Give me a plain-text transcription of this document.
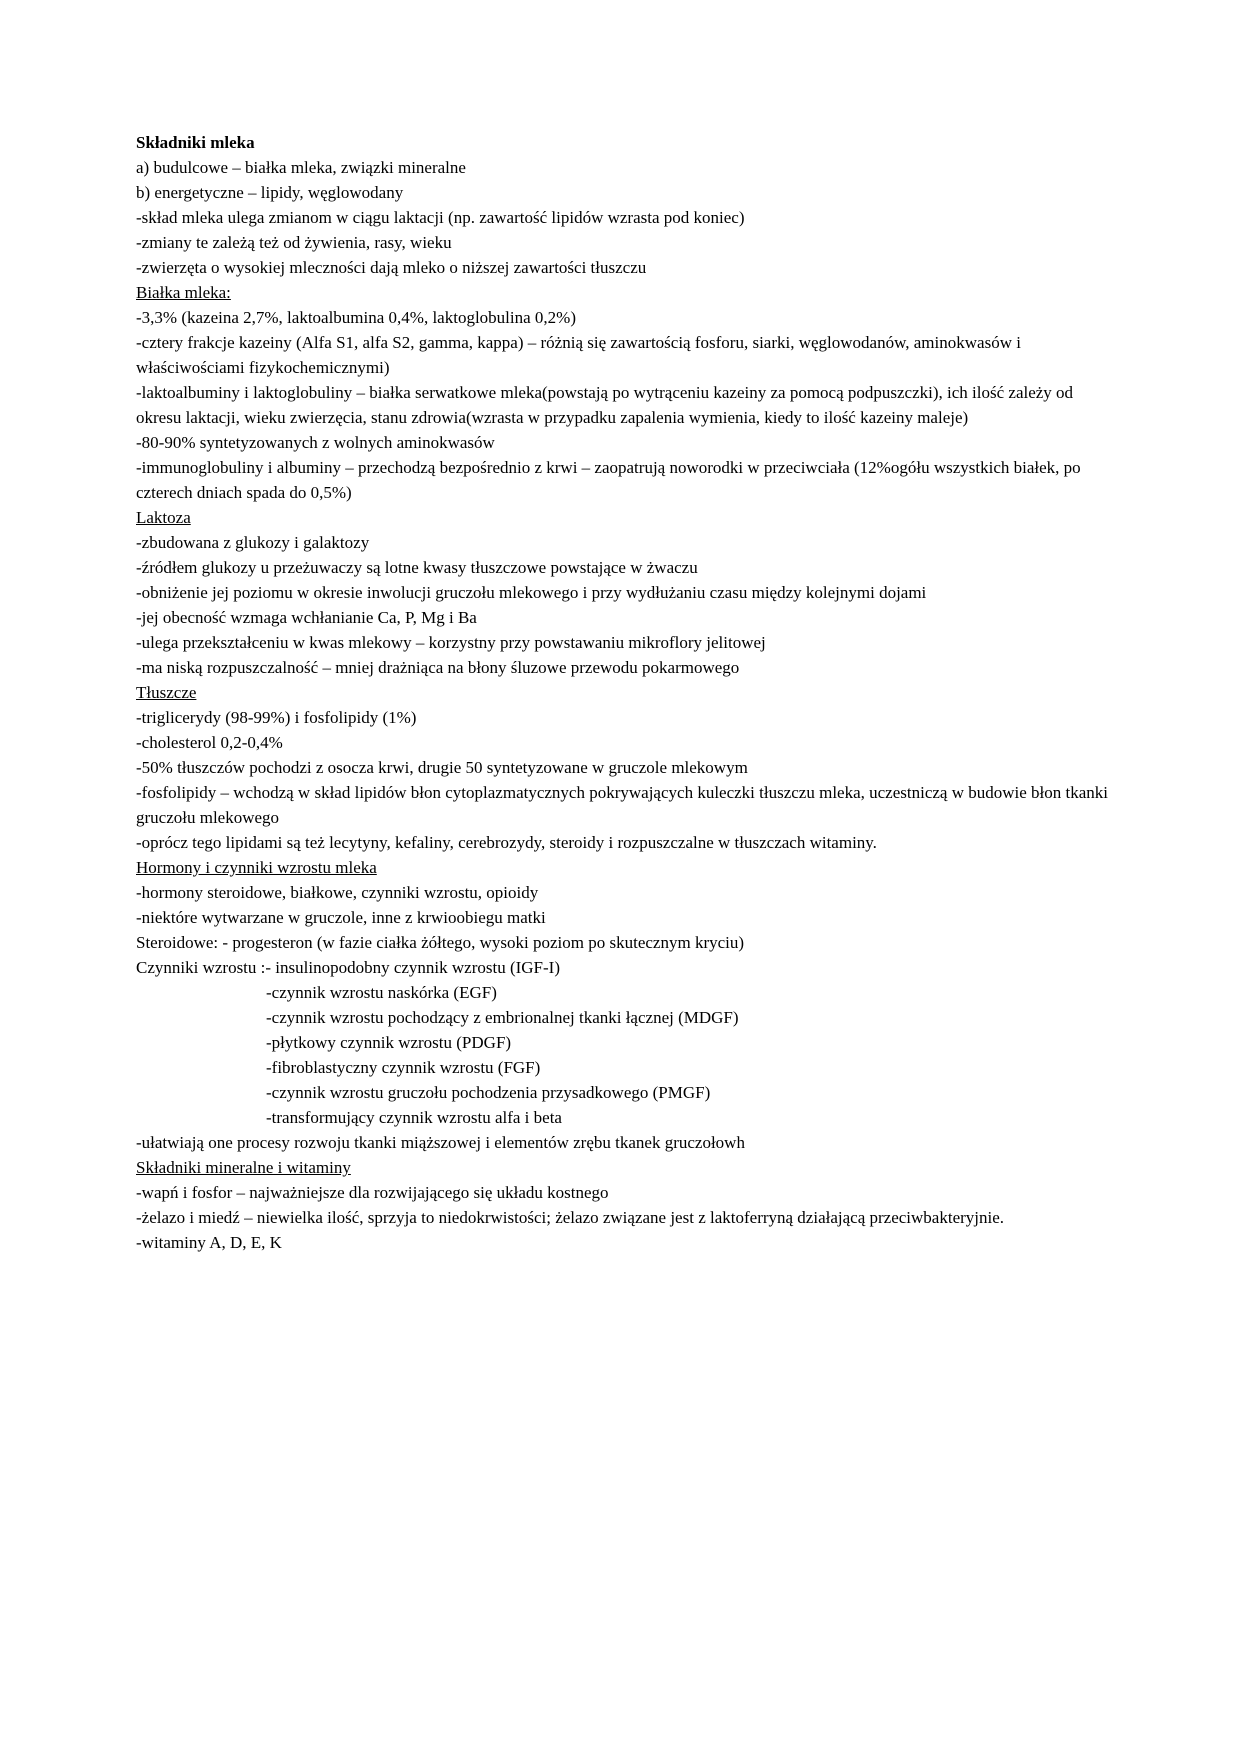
Składniki mleka

a) budulcowe – białka mleka, związki mineralne

b) energetyczne – lipidy, węglowodany

-skład mleka ulega zmianom w ciągu laktacji (np. zawartość lipidów wzrasta pod koniec)

-zmiany te zależą też od żywienia, rasy, wieku

-zwierzęta o wysokiej mleczności dają mleko o niższej zawartości tłuszczu

Białka mleka:

-3,3% (kazeina 2,7%, laktoalbumina 0,4%, laktoglobulina 0,2%)

-cztery frakcje kazeiny (Alfa S1, alfa S2, gamma, kappa) – różnią się zawartością fosforu, siarki, węglowodanów, aminokwasów i właściwościami fizykochemicznymi)

-laktoalbuminy i laktoglobuliny – białka serwatkowe mleka(powstają po wytrąceniu kazeiny za pomocą podpuszczki), ich ilość zależy od okresu laktacji, wieku zwierzęcia, stanu zdrowia(wzrasta w przypadku zapalenia wymienia, kiedy to ilość kazeiny maleje)

-80-90% syntetyzowanych z wolnych aminokwasów

-immunoglobuliny i albuminy – przechodzą bezpośrednio z krwi – zaopatrują noworodki w przeciwciała (12%ogółu wszystkich białek, po czterech dniach spada do 0,5%)

Laktoza

-zbudowana z glukozy i galaktozy

-źródłem glukozy u przeżuwaczy są lotne kwasy tłuszczowe powstające w żwaczu

-obniżenie jej poziomu w okresie inwolucji gruczołu mlekowego i przy wydłużaniu czasu między kolejnymi dojami

-jej obecność wzmaga wchłanianie Ca, P, Mg i Ba

-ulega przekształceniu w kwas mlekowy – korzystny przy powstawaniu mikroflory jelitowej

-ma niską rozpuszczalność – mniej drażniąca na błony śluzowe przewodu pokarmowego

Tłuszcze

-triglicerydy (98-99%) i fosfolipidy (1%)

-cholesterol 0,2-0,4%

-50% tłuszczów pochodzi z osocza krwi, drugie 50 syntetyzowane w gruczole mlekowym

-fosfolipidy – wchodzą w skład lipidów błon cytoplazmatycznych pokrywających kuleczki tłuszczu mleka, uczestniczą w budowie błon tkanki gruczołu mlekowego

-oprócz tego lipidami są też lecytyny, kefaliny, cerebrozydy, steroidy i rozpuszczalne w tłuszczach witaminy.

Hormony i czynniki wzrostu mleka

-hormony steroidowe, białkowe, czynniki wzrostu, opioidy

-niektóre wytwarzane w gruczole, inne z krwioobiegu matki

Steroidowe: - progesteron (w fazie ciałka żółtego, wysoki poziom po skutecznym kryciu)

Czynniki wzrostu :- insulinopodobny czynnik wzrostu (IGF-I)

-czynnik wzrostu naskórka (EGF)

-czynnik wzrostu pochodzący z embrionalnej tkanki łącznej (MDGF)

-płytkowy czynnik wzrostu (PDGF)

-fibroblastyczny czynnik wzrostu (FGF)

-czynnik wzrostu gruczołu pochodzenia przysadkowego (PMGF)

-transformujący czynnik wzrostu alfa i beta

-ułatwiają one procesy rozwoju tkanki miąższowej i elementów zrębu tkanek gruczołowh

Składniki mineralne i witaminy

-wapń i fosfor – najważniejsze dla rozwijającego się układu kostnego

-żelazo i miedź – niewielka ilość, sprzyja to niedokrwistości; żelazo związane jest z laktoferryną działającą przeciwbakteryjnie.

-witaminy A, D, E, K
